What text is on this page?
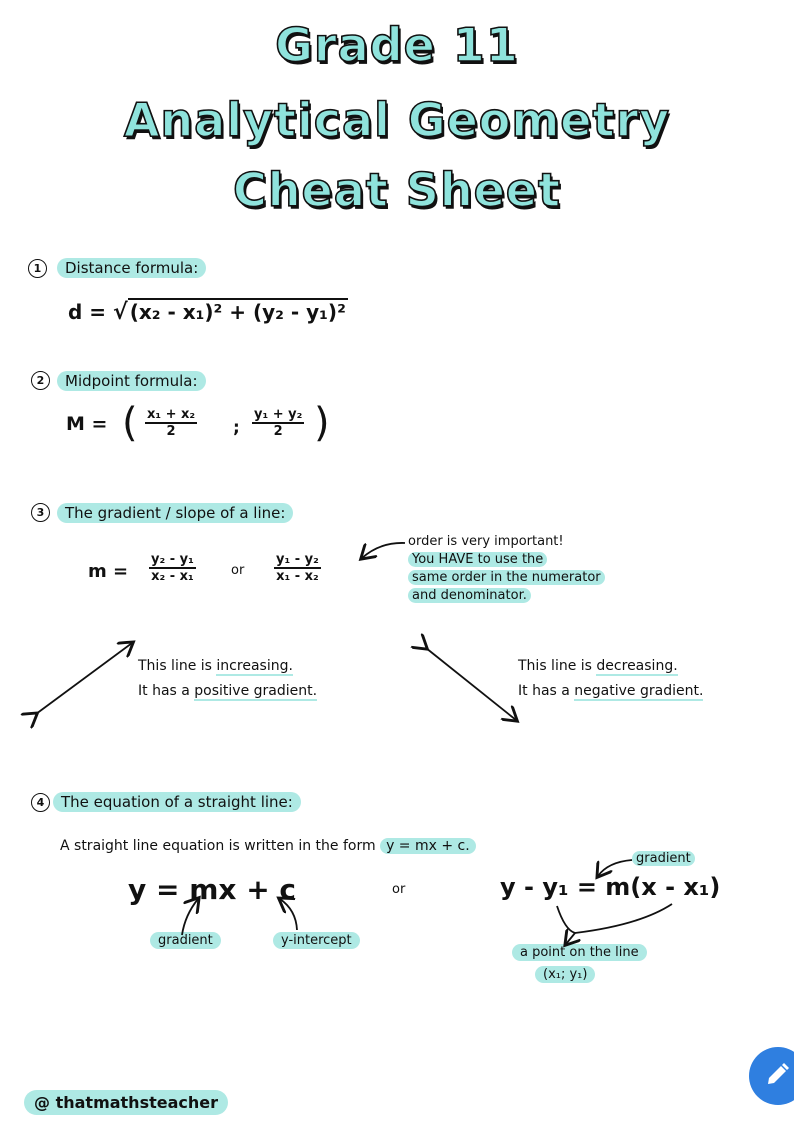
Grade 11
Analytical Geometry
Cheat Sheet
1	Distance formula:
d = √ (x₂ - x₁)² + (y₂ - y₁)²
2	Midpoint formula:
M = ( $\frac{\text{x₁ + x₂}}{2}$ ; $\frac{\text{y₁ + y₂}}{2}$ )
3	The gradient / slope of a line:
$m = \frac{\text{y₂ - y₁}}{\text{x₂ - x₁}}$	or $\frac{\text{y₁ - y₂}}{\text{x₁ - x₂}}$
order is very important!
You HAVE to use the
same order in the numerator
and denominator.
This line is increasing.
It has a positive gradient.
This line is decreasing.
It has a negative gradient.
4	The equation of a straight line:
A straight line equation is written in the form y = mx + c.
y = mx + c	or	y - y₁ = m(x - x₁)
gradient	y-intercept
gradient
a point on the line
(x₁; y₁)
@ thatmathsteacher
